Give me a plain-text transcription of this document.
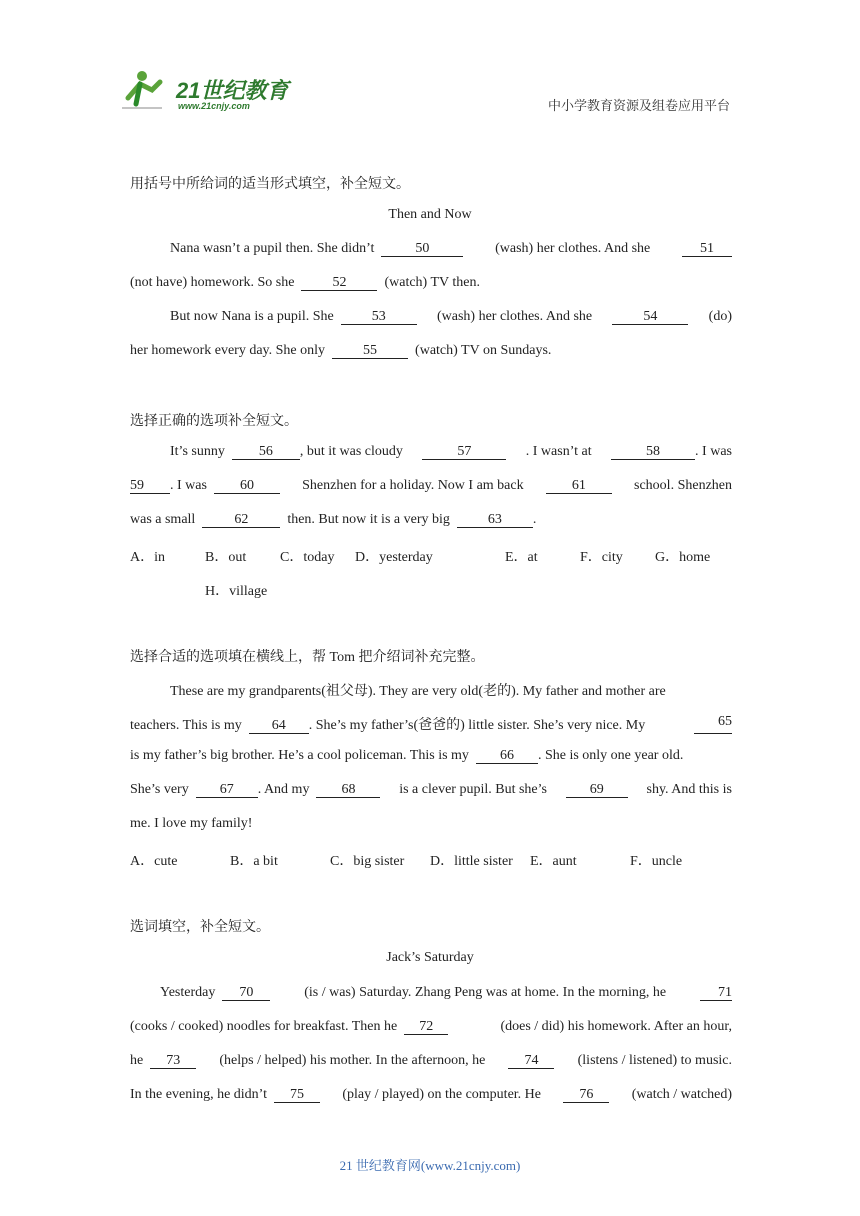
21世纪教育
www.21cnjy.com	中小学教育资源及组卷应用平台
用括号中所给词的适当形式填空，补全短文。
Then and Now
Nana wasn’t a pupil then. She didn’t	50	(wash) her clothes. And she	51
(not have) homework. So she	52	(watch) TV then.
But now Nana is a pupil. She	53	(wash) her clothes. And she	54	(do)
her homework every day. She only	55	(watch) TV on Sundays.
选择正确的选项补全短文。
It’s sunny 56 , but it was cloudy	57	. I wasn’t at	58	. I was
59 . I was 60	Shenzhen for a holiday. Now I am back	61	school. Shenzhen
was a small	62	then. But now it is a very big	63 .
A．in	B．out C．today D．yesterday	E．at	F．city G．home
H．village
选择合适的选项填在横线上，帮 Tom 把介绍词补充完整。
These are my grandparents(祖父母). They are very old(老的). My father and mother are
teachers. This is my 64 . She’s my father’s(爸爸的) little sister. She’s very nice. My	65
is my father’s big brother. He’s a cool policeman. This is my 66 . She is only one year old.
She’s very 67 . And my 68	is a clever pupil. But she’s	69	shy. And this is
me. I love my family!
A．cute	B．a bit	C．big sister D．little sister E．aunt	F．uncle
选词填空，补全短文。
Jack’s Saturday
Yesterday 70	(is / was) Saturday. Zhang Peng was at home. In the morning, he	71
(cooks / cooked) noodles for breakfast. Then he 72	(does / did) his homework. After an hour,
he 73	(helps / helped) his mother. In the afternoon, he	74	(listens / listened) to music.
In the evening, he didn’t 75	(play / played) on the computer. He	76	(watch / watched)
21 世纪教育网(www.21cnjy.com)
